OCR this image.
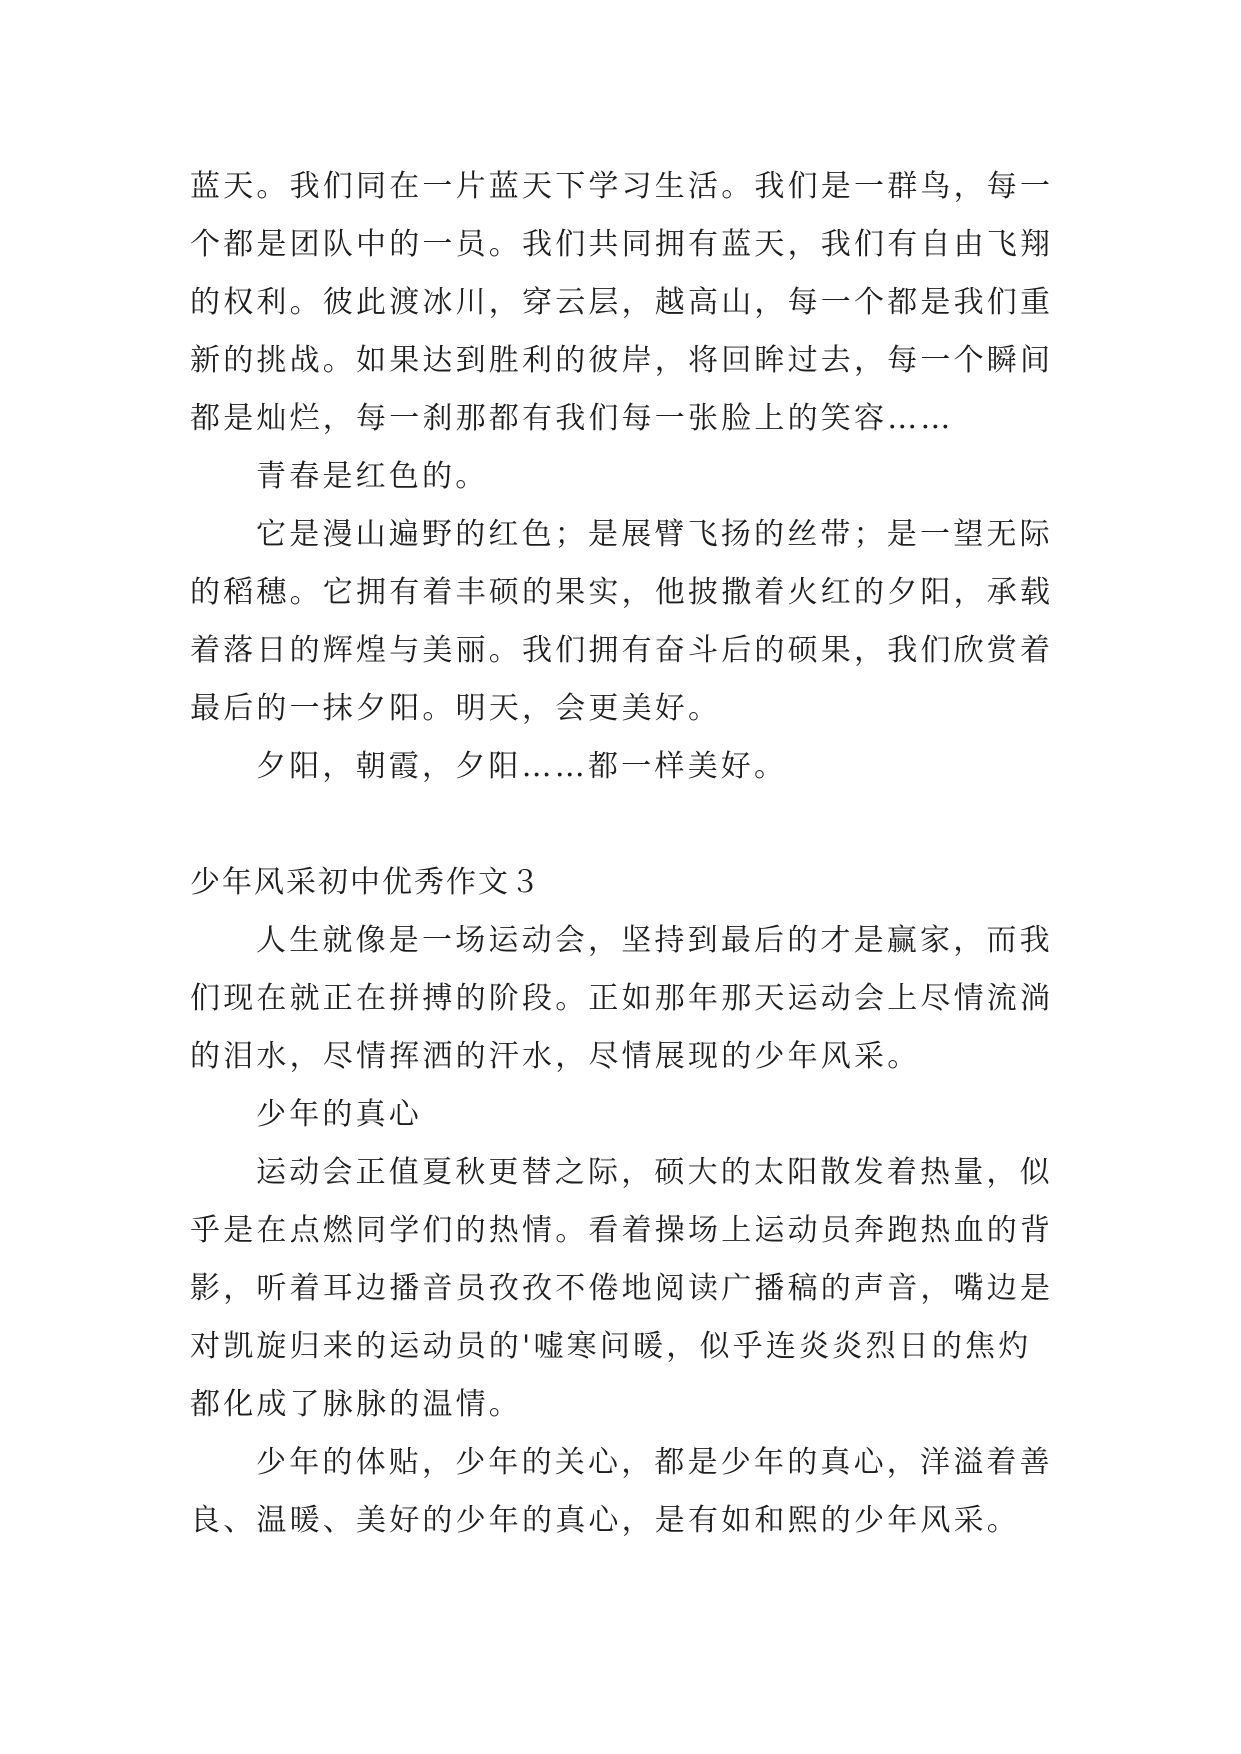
蓝天。我们同在一片蓝天下学习生活。我们是一群鸟，每一个都是团队中的一员。我们共同拥有蓝天，我们有自由飞翔的权利。彼此渡冰川，穿云层，越高山，每一个都是我们重新的挑战。如果达到胜利的彼岸，将回眸过去，每一个瞬间都是灿烂，每一刹那都有我们每一张脸上的笑容……

青春是红色的。

它是漫山遍野的红色；是展臂飞扬的丝带；是一望无际的稻穗。它拥有着丰硕的果实，他披撒着火红的夕阳，承载着落日的辉煌与美丽。我们拥有奋斗后的硕果，我们欣赏着最后的一抹夕阳。明天，会更美好。

夕阳，朝霞，夕阳……都一样美好。

少年风采初中优秀作文３

人生就像是一场运动会，坚持到最后的才是赢家，而我们现在就正在拼搏的阶段。正如那年那天运动会上尽情流淌的泪水，尽情挥洒的汗水，尽情展现的少年风采。

少年的真心

运动会正值夏秋更替之际，硕大的太阳散发着热量，似乎是在点燃同学们的热情。看着操场上运动员奔跑热血的背影，听着耳边播音员孜孜不倦地阅读广播稿的声音，嘴边是对凯旋归来的运动员的'嘘寒问暖，似乎连炎炎烈日的焦灼都化成了脉脉的温情。

少年的体贴，少年的关心，都是少年的真心，洋溢着善良、温暖、美好的少年的真心，是有如和熙的少年风采。
